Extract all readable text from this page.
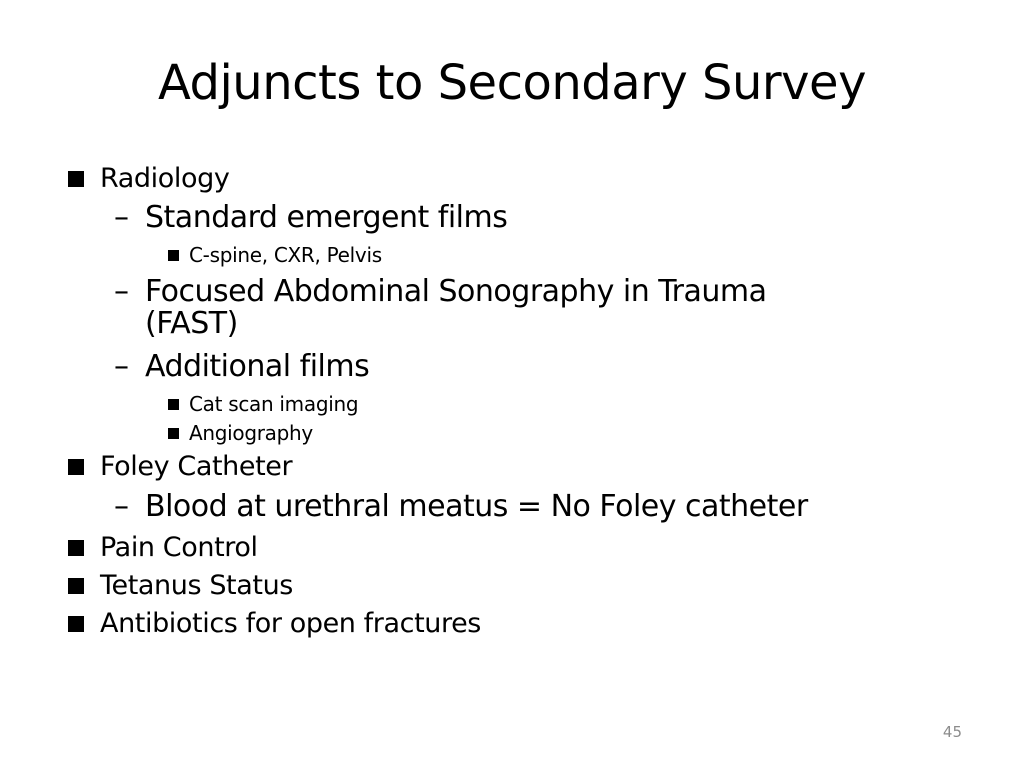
Adjuncts to Secondary Survey
Radiology
– Standard emergent films
C-spine, CXR, Pelvis
– Focused Abdominal Sonography in Trauma
(FAST)
– Additional films
Cat scan imaging
Angiography
Foley Catheter
– Blood at urethral meatus = No Foley catheter
Pain Control
Tetanus Status
Antibiotics for open fractures
45
